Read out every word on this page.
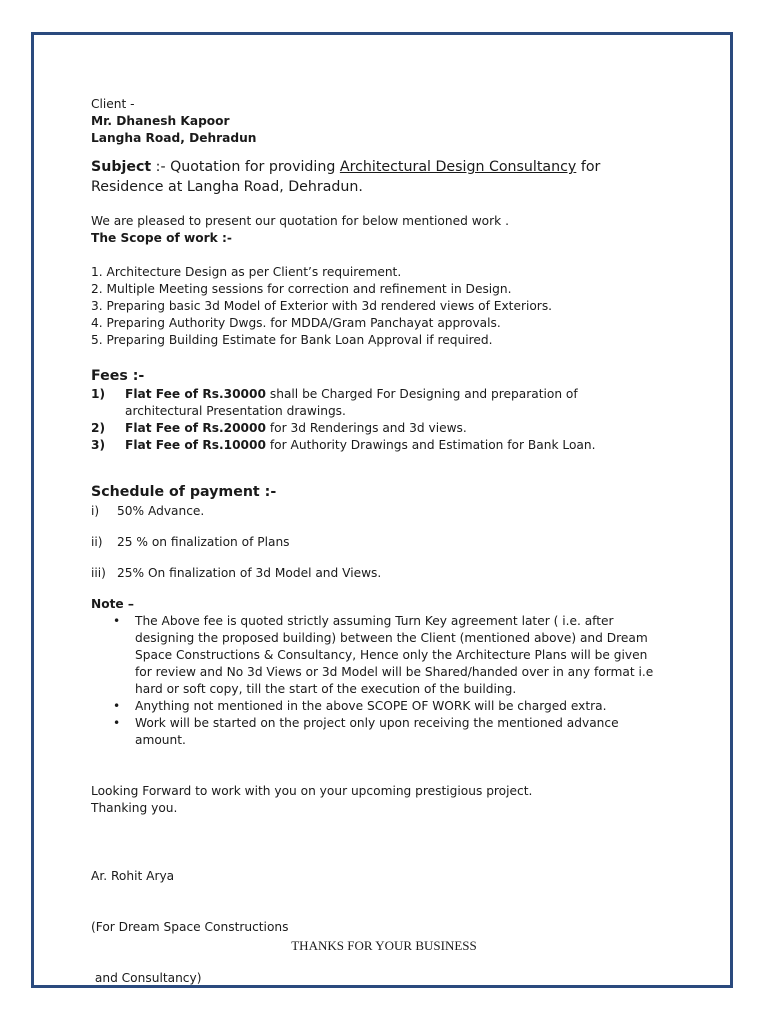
Client -

Mr. Dhanesh Kapoor

Langha Road, Dehradun

Subject :- Quotation for providing Architectural Design Consultancy for

Residence at Langha Road, Dehradun.

We are pleased to present our quotation for below mentioned work .

The Scope of work :-

1. Architecture Design as per Client’s requirement.
2. Multiple Meeting sessions for correction and refinement in Design.
3. Preparing basic 3d Model of Exterior with 3d rendered views of Exteriors.
4. Preparing Authority Dwgs. for MDDA/Gram Panchayat approvals.
5. Preparing Building Estimate for Bank Loan Approval if required.

Fees :-

1)	Flat Fee of Rs.30000 shall be Charged For Designing and preparation of
architectural Presentation drawings.
2)	Flat Fee of Rs.20000 for 3d Renderings and 3d views.
3)	Flat Fee of Rs.10000 for Authority Drawings and Estimation for Bank Loan.

Schedule of payment :-

i)	50% Advance.
ii)	25 % on finalization of Plans
iii) 25% On finalization of 3d Model and Views.

Note –

• The Above fee is quoted strictly assuming Turn Key agreement later ( i.e. after designing the proposed building) between the Client (mentioned above) and Dream Space Constructions & Consultancy, Hence only the Architecture Plans will be given for review and No 3d Views or 3d Model will be Shared/handed over in any format i.e hard or soft copy, till the start of the execution of the building.
• Anything not mentioned in the above SCOPE OF WORK will be charged extra.
• Work will be started on the project only upon receiving the mentioned advance amount.

Looking Forward to work with you on your upcoming prestigious project.

Thanking you.

Ar. Rohit Arya

(For Dream Space Constructions

and Consultancy)

THANKS FOR YOUR BUSINESS
